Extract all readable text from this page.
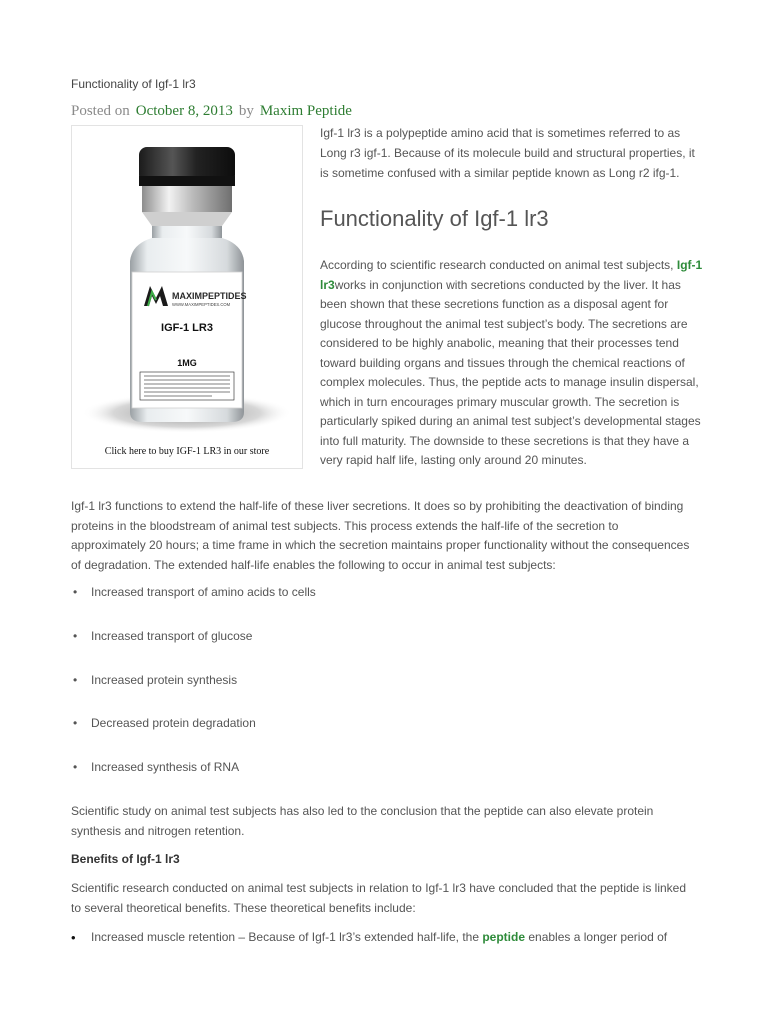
Functionality of Igf-1 lr3
Posted on October 8, 2013 by Maxim Peptide
MAXIMPEPTIDES
WWW.MAXIMPEPTIDES.COM
IGF-1 LR3
1MG
Click here to buy IGF-1 LR3 in our store
Igf-1 lr3 is a polypeptide amino acid that is sometimes referred to as Long r3 igf-1. Because of its molecule build and structural properties, it is sometime confused with a similar peptide known as Long r2 ifg-1.
Functionality of Igf-1 lr3
According to scientific research conducted on animal test subjects, Igf-1 lr3works in conjunction with secretions conducted by the liver. It has been shown that these secretions function as a disposal agent for glucose throughout the animal test subject’s body. The secretions are considered to be highly anabolic, meaning that their processes tend toward building organs and tissues through the chemical reactions of complex molecules. Thus, the peptide acts to manage insulin dispersal, which in turn encourages primary muscular growth. The secretion is particularly spiked during an animal test subject’s developmental stages into full maturity. The downside to these secretions is that they have a very rapid half life, lasting only around 20 minutes.
Igf-1 lr3 functions to extend the half-life of these liver secretions. It does so by prohibiting the deactivation of binding proteins in the bloodstream of animal test subjects. This process extends the half-life of the secretion to approximately 20 hours; a time frame in which the secretion maintains proper functionality without the consequences of degradation. The extended half-life enables the following to occur in animal test subjects:
• Increased transport of amino acids to cells
• Increased transport of glucose
• Increased protein synthesis
• Decreased protein degradation
• Increased synthesis of RNA
Scientific study on animal test subjects has also led to the conclusion that the peptide can also elevate protein synthesis and nitrogen retention.
Benefits of Igf-1 lr3
Scientific research conducted on animal test subjects in relation to Igf-1 lr3 have concluded that the peptide is linked to several theoretical benefits. These theoretical benefits include:
• Increased muscle retention – Because of Igf-1 lr3’s extended half-life, the peptide enables a longer period of
